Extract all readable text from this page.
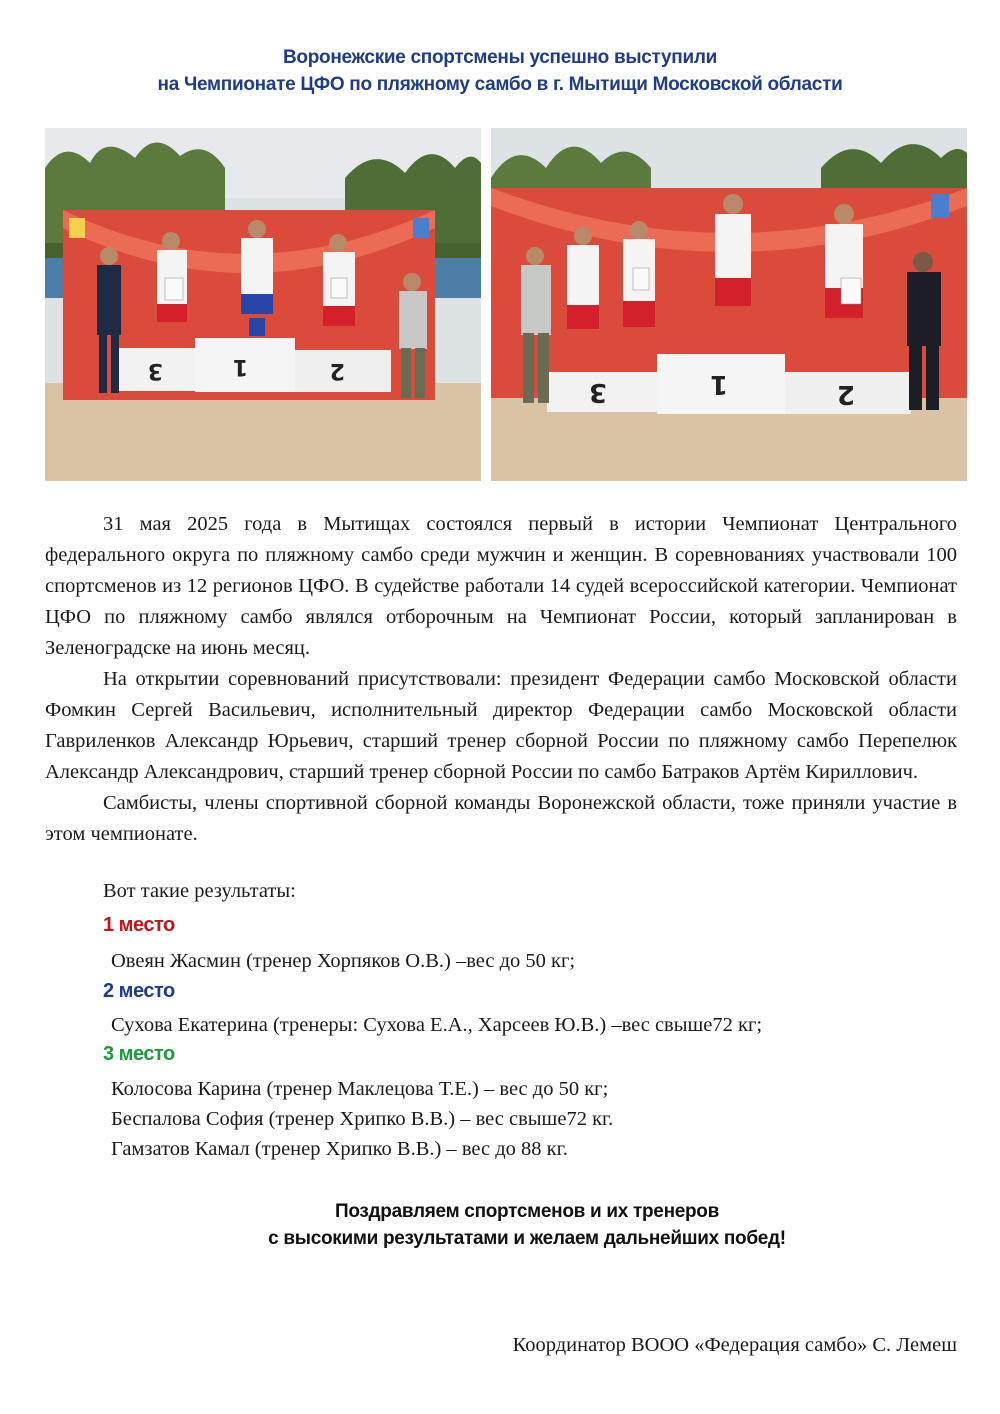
Воронежские спортсмены успешно выступили
на Чемпионате ЦФО по пляжному самбо в г. Мытищи Московской области
3	1	2
3	1	2

31 мая 2025 года в Мытищах состоялся первый в истории Чемпионат Центрального федерального округа по пляжному самбо среди мужчин и женщин. В соревнованиях участвовали 100 спортсменов из 12 регионов ЦФО. В судействе работали 14 судей всероссийской категории. Чемпионат ЦФО по пляжному самбо являлся отборочным на Чемпионат России, который запланирован в Зеленоградске на июнь месяц.

На открытии соревнований присутствовали: президент Федерации самбо Московской области Фомкин Сергей Васильевич, исполнительный директор Федерации самбо Московской области Гавриленков Александр Юрьевич, старший тренер сборной России по пляжному самбо Перепелюк Александр Александрович, старший тренер сборной России по самбо Батраков Артём Кириллович.

Самбисты, члены спортивной сборной команды Воронежской области, тоже приняли участие в этом чемпионате.

Вот такие результаты:
1 место
Овеян Жасмин (тренер Хорпяков О.В.) –вес до 50 кг;
2 место
Сухова Екатерина (тренеры: Сухова Е.А., Харсеев Ю.В.) –вес свыше72 кг;
3 место
Колосова Карина (тренер Маклецова Т.Е.) – вес до 50 кг;
Беспалова София (тренер Хрипко В.В.) – вес свыше72 кг.
Гамзатов Камал (тренер Хрипко В.В.) – вес до 88 кг.
Поздравляем спортсменов и их тренеров
с высокими результатами и желаем дальнейших побед!
Координатор ВООО «Федерация самбо» С. Лемеш
